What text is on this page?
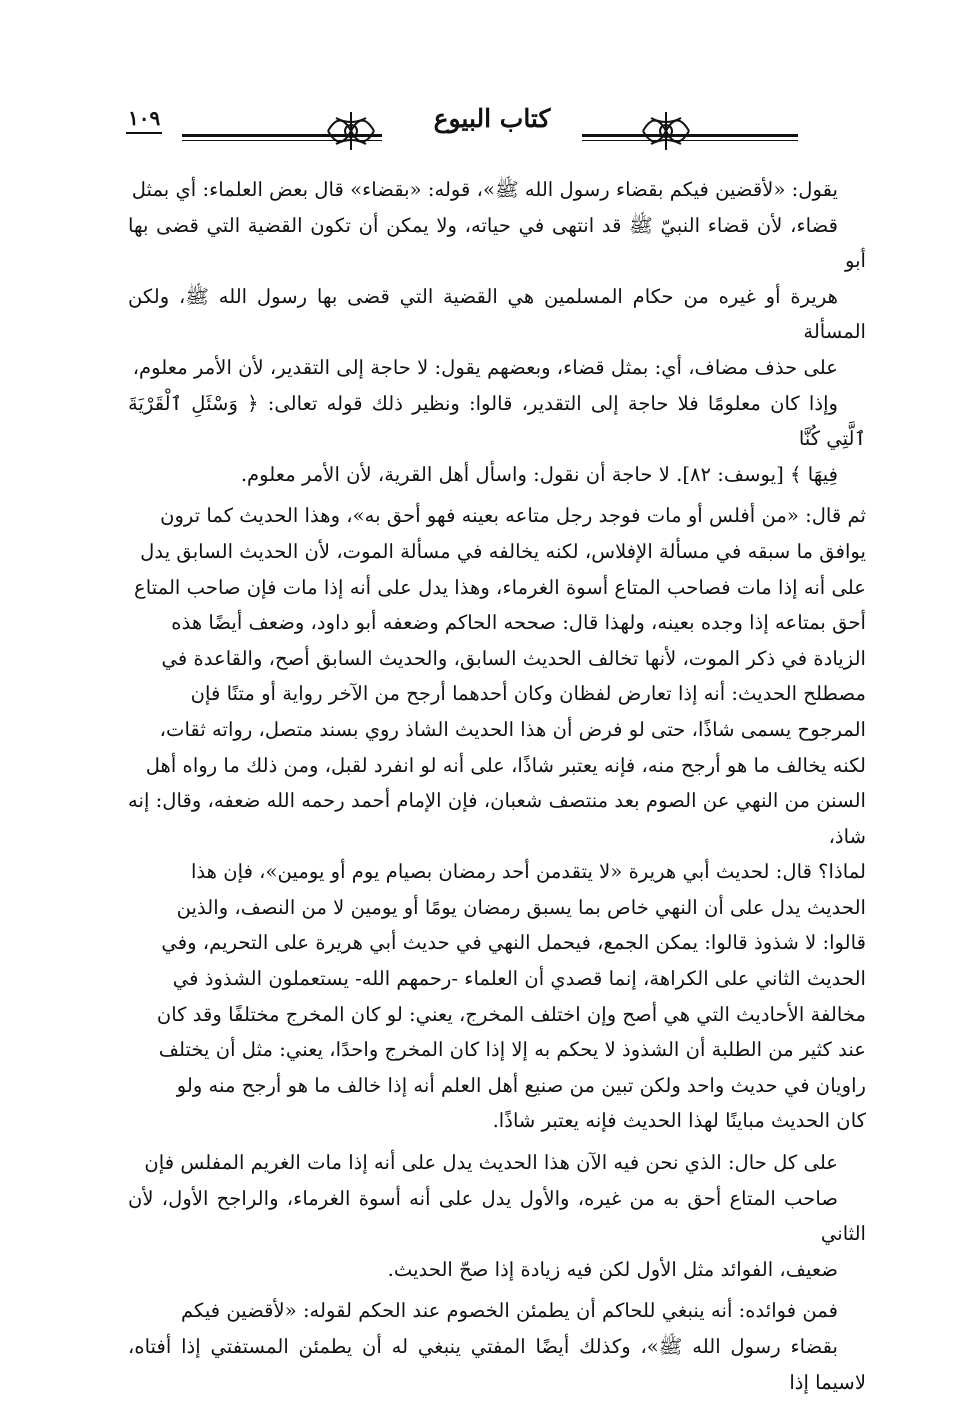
١٠٩	كتاب البيوع
يقول: «لأقضين فيكم بقضاء رسول الله ﷺ»، قوله: «بقضاء» قال بعض العلماء: أي بمثل
قضاء، لأن قضاء النبيّ ﷺ قد انتهى في حياته، ولا يمكن أن تكون القضية التي قضى بها أبو
هريرة أو غيره من حكام المسلمين هي القضية التي قضى بها رسول الله ﷺ، ولكن المسألة
على حذف مضاف، أي: بمثل قضاء، وبعضهم يقول: لا حاجة إلى التقدير، لأن الأمر معلوم،
وإذا كان معلومًا فلا حاجة إلى التقدير، قالوا: ونظير ذلك قوله تعالى: ﴿ وَسْئَلِ ٱلْقَرْيَةَ ٱلَّتِي كُنَّا
فِيهَا ﴾ [يوسف: ٨٢]. لا حاجة أن نقول: واسأل أهل القرية، لأن الأمر معلوم.
ثم قال: «من أفلس أو مات فوجد رجل متاعه بعينه فهو أحق به»، وهذا الحديث كما ترون
يوافق ما سبقه في مسألة الإفلاس، لكنه يخالفه في مسألة الموت، لأن الحديث السابق يدل
على أنه إذا مات فصاحب المتاع أسوة الغرماء، وهذا يدل على أنه إذا مات فإن صاحب المتاع
أحق بمتاعه إذا وجده بعينه، ولهذا قال: صححه الحاكم وضعفه أبو داود، وضعف أيضًا هذه
الزيادة في ذكر الموت، لأنها تخالف الحديث السابق، والحديث السابق أصح، والقاعدة في
مصطلح الحديث: أنه إذا تعارض لفظان وكان أحدهما أرجح من الآخر رواية أو متنًا فإن
المرجوح يسمى شاذًا، حتى لو فرض أن هذا الحديث الشاذ روي بسند متصل، رواته ثقات،
لكنه يخالف ما هو أرجح منه، فإنه يعتبر شاذًا، على أنه لو انفرد لقبل، ومن ذلك ما رواه أهل
السنن من النهي عن الصوم بعد منتصف شعبان، فإن الإمام أحمد رحمه الله ضعفه، وقال: إنه شاذ،
لماذا؟ قال: لحديث أبي هريرة «لا يتقدمن أحد رمضان بصيام يوم أو يومين»، فإن هذا
الحديث يدل على أن النهي خاص بما يسبق رمضان يومًا أو يومين لا من النصف، والذين
قالوا: لا شذوذ قالوا: يمكن الجمع، فيحمل النهي في حديث أبي هريرة على التحريم، وفي
الحديث الثاني على الكراهة، إنما قصدي أن العلماء -رحمهم الله- يستعملون الشذوذ في
مخالفة الأحاديث التي هي أصح وإن اختلف المخرج، يعني: لو كان المخرج مختلفًا وقد كان
عند كثير من الطلبة أن الشذوذ لا يحكم به إلا إذا كان المخرج واحدًا، يعني: مثل أن يختلف
راويان في حديث واحد ولكن تبين من صنيع أهل العلم أنه إذا خالف ما هو أرجح منه ولو
كان الحديث مباينًا لهذا الحديث فإنه يعتبر شاذًا.
على كل حال: الذي نحن فيه الآن هذا الحديث يدل على أنه إذا مات الغريم المفلس فإن
صاحب المتاع أحق به من غيره، والأول يدل على أنه أسوة الغرماء، والراجح الأول، لأن الثاني
ضعيف، الفوائد مثل الأول لكن فيه زيادة إذا صحّ الحديث.
فمن فوائده: أنه ينبغي للحاكم أن يطمئن الخصوم عند الحكم لقوله: «لأقضين فيكم
بقضاء رسول الله ﷺ»، وكذلك أيضًا المفتي ينبغي له أن يطمئن المستفتي إذا أفتاه، لاسيما إذا
